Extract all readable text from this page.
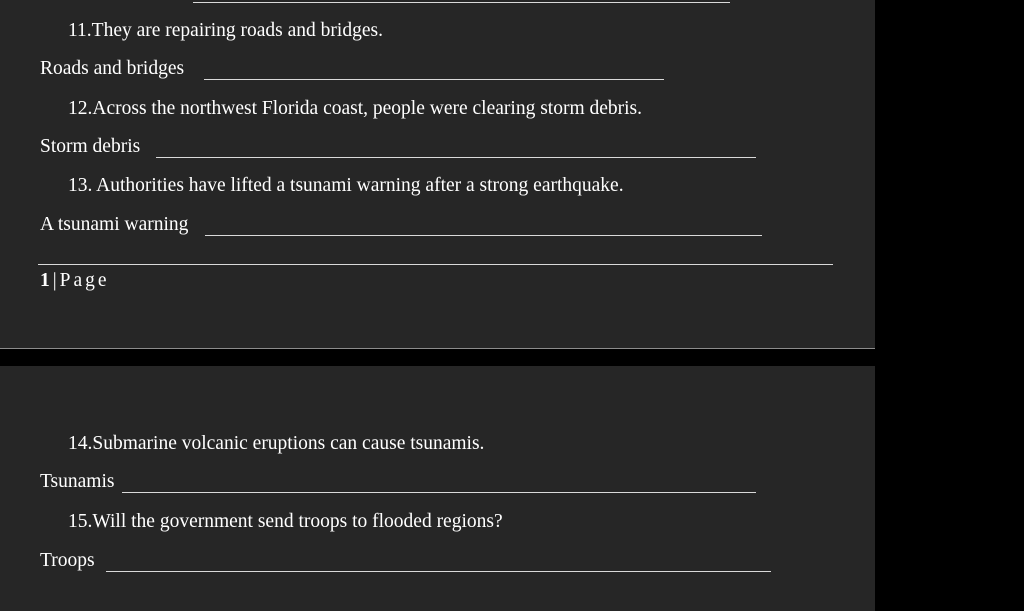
11.They are repairing roads and bridges.
Roads and bridges
12.Across the northwest Florida coast, people were clearing storm debris.
Storm debris
13. Authorities have lifted a tsunami warning after a strong earthquake.
A tsunami warning
1 | Page
14.Submarine volcanic eruptions can cause tsunamis.
Tsunamis
15.Will the government send troops to flooded regions?
Troops
